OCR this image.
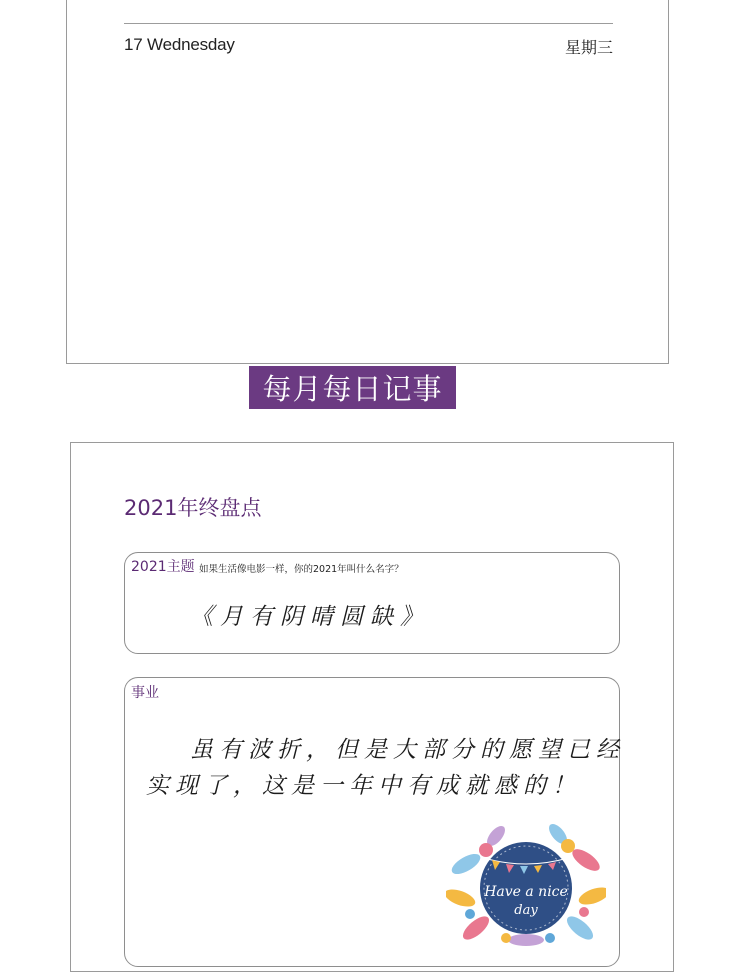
17 Wednesday	星期三
每月每日记事
2021年终盘点
2021主题 如果生活像电影一样，你的2021年叫什么名字？
《月有阴晴圆缺》
事业
虽有波折，但是大部分的愿望已经
实现了，这是一年中有成就感的！
Have a nice
day
